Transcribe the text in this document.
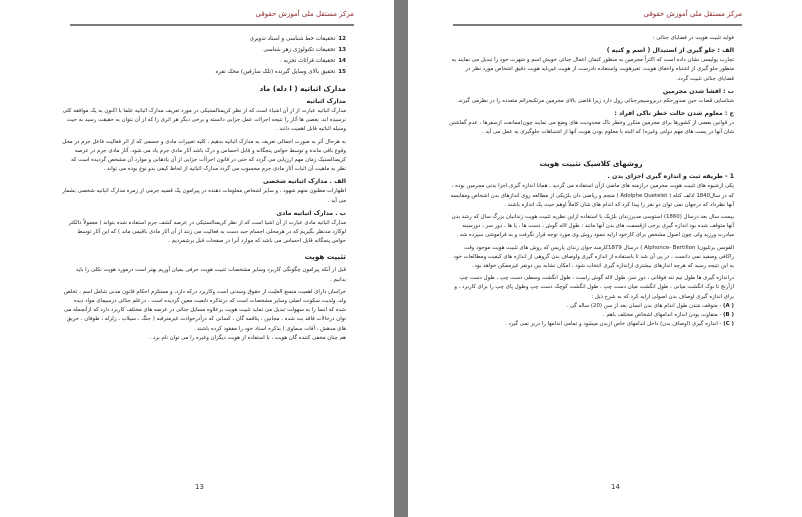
مرکز مستقل ملی آموزش حقوقی
12
تحقیقات خط شناسی و اسناد تذویری
13
تحقیقات تکنولوژی زهر شناسی
14
تحقیقات قرائات تجربه .
15
تحقیق بالای وسایل گیرنده (تلک سارقین) محک نقره
مدارک اثباتیه ( ا دله) ماد
مدارک اثباتیه

مدارک اثباتیه عبارت از از آن اشیاء است که از نظر کریمنالستیکی در مورد تعریف مدارک اثباتیه علما با اکنون به یک موافقه کلی نرسیده اند. بعضی ها آثار را نتیجه اجراات عمل جزایی دانسته و برخی دیگر هر اثری را که از آن بتوان به حقیقت رسید به حیث وسیله اثباتیه قابل اهمیت دانند .

به هرحال آثر به صورت اجمالی تعریف به مدارک اثباتیه بدهیم ، کلیه تغییرات مادی و جسمی که از اثر فعالیت فاعل جرم در محل وقوع باقی مانده و توسط حواس پنجگانه و قابل احساس و درک باشد آثار مادی جرم یاد می شود. آثار مادی جرم در عرصه کریمنالستیک زمان مهم ارزیابی می گردد که حتی در قانون اجراآت جزایی از آن یادهانی و موارد آن مشخص گردیده است که نظر به ماهیت آن اثبات آثار مادی جرم محسوب می گردد مدارک اثباتیه از لحاظ کیفی بدو نوع بوده می تواند .

الف . مدارک اثباتیه شخصی

اظهارات مظنون متهم شهود ، و سایر اشخاص معلومات دهنده در پیرامون یک قضیه جرمی از زمره مدارک اثباتیه شخصی بشمار می آید .

ب . مدارک اثباتیه مادی

مدارک اثباتیه مادی عبارت از آن اشیا است که از نظر کریمنالستیکی در عرصه کشف جرم استفاده شده بتواند ( معمولاً دالکتر لوکارد مدنظر بگیریم که در هرمحلی اجسام حید دست به فعالیت می زنند از آن آثار مادی باقیمی ماند ) که این آثار توسط حواس پنجگانه قابل احساس می باشد که موارد آنرا در صفحات قبل برشمردیم .

تثبیت هویت

قبل از آنکه پیرامون چگونگی کاربرد وسایر مشخصات تثبیت هویت حرفی بمیان آوریم بهتر است درمورد هویت تکلی را باید بدانیم .

خراسان دارای اهمیت متمنع العلیت از حقوق وسدنی است وکاربرد درکه دارد، و مستلزم احکام قانون مدنی شامل اسم ، تخلص ولد، ولدیت سکونت اصلی وسایر مشخصات است که درتذکره تابعیت معین گردیده است ، درعلم جنائی درسیمای مواد دیده شده که انسا را به سهولت تبدیل می تماید تثبیت هویت برعلاوه مسایل جنائی در عرصه های مختلف کاربرد دارد که ازآنجمله می توان درحالات فاقد بت شده ، مجانین ، یتاقمه گان ، کسانی که درآدرحوادث غیرمترقبه ( جنگ ، سیلاب ، زلزله ، طوفان ، حریق های مدهش ، آفات سماوی ) بذکره اسناد خود را مفقود کرده باشند .

هم چنان مخفی کننده گان هویت ، با استفاده از هویت دیگران وغیره را می توان نام برد .

13
مرکز مستقل ملی آموزش حقوقی

فواید تثبیت هویت در قضایای جنائی :

الف : جلو گیری از استبدال ( اسم و کنیه )

تجارب پولیسی نشان داده است که اکثراً مجرمین به منظور کتمان اعمال جنائی خویش اسم و شهرت خود را تبدیل می نمایند به منظور جلو گیری از اشتباه واخفای هویت، تغیرهویت واستفاده نادرست از هویت غیرباید هویت دقیق اشخاص مورد نظر در قضایای جنائی تثبیت گردد.

ب : افشا شدن مجرمین

شناسایی قضات حین صدورحکم دربروسیجرجنائی رول دارد زیرا قاضی بالای مجرمین مرتکبجرائم متعدده را در نظرمی گیرند.

ج : معلوم شدن حالت خطر ناکی افراد :

در قوانین بعضی از کشورها برای مجرمین متکرر وخطر ناک محدودیت های وضع می نمایند چون(ممانعت ازسفرها ، عدم گماشتن شان آنها در پست های مهم دولتی وغیره) که البته با معلوم بودن هویت آنها از اشتباهات جلوگیری به عمل می آید .

روشهای کلاسیک تثبیت هویت
1 - طریقه ثبت و اندازه گیری اجزای بدن .

یکی ازشیوه های تثبیت هویت مجرمین درازمنه های ماضی ازآن استفاده می گردید ، همانا اندازه گیری اجزا بدنی مجرمین بوده ، که در سال1840 اذلف کتله ( Adolphe Quetelet ) منجم و ریاضی دان بلژیکی از مطالعه روی اندازهای بدن اشخاص ومقایسه آنها نظرداد که درجهان نمی توان دو نفر را پیدا کرد که اندام های شان کاملاً اوهم حیث یک اندازه باشند .

بیست سال بعد درسال (1860) استوسی مدیرزندان بلژیک با استفاده ازاین نظریه تثبیت هویت زندانیان بزرگ سال که رشد بدن آنها متوقف شده بود اندازه گیری برخی ازقسمت های بدن آنها مانند : طول لاله گوش ، دست ها ، پا ها ، دور سر ، دورسینه مبادرت ورزید ولی چون اصول مشخص برای کارخود ارایه ننمود روش وی مورد توجه قرار نگرفت و به فراموشی سپرده شد .

الفونس برتلیون( Alphonce- Bertillon ) درسال 1879کارمند جوان زندان پاریس که روش های تثبیت هویت موجود وقت راکافی وصفید نمی دانست ، در پی آن شد تا باستفاده از اندازه گیری واوصاف بدن گروهی از اندازه های کیفیت ومطالعات خود به این نتیجه رسید که هرچه اندازهای بیشتری ازاندازه گیری انتخاب شود ، امکان تشابه بین دونفر غیرممکن خواهد بود .

دراندازه گیری ها طول نیم تنه فوقانی ، دور سر، طول لاله گوش راست ، طول انگشت وسطی دست چپ ، طول دست چپ ازآرنج تا نوک انگشت میانی ، طول انگشت میان دست چپ ، طول انگشت کوچک دست چپ وطول پای چپ را برای کاربرد ، و برای اندازه گیری اوصاف بدن اصولی ارایه کرد که به شرح ذیل :

( A) - متوقف شدن طول اندام های بدن انسان بعد از سن (20) ساله گی .

( B) - متفاوت بودن اندازه اندامهای اشخاص مختلف باهم .

( C) - اندازه گیری (اوصاف بدن) داخل اندامهای خاص ازبدن میشود و تمامی اندامها را دربر نمی گیرد .

14
